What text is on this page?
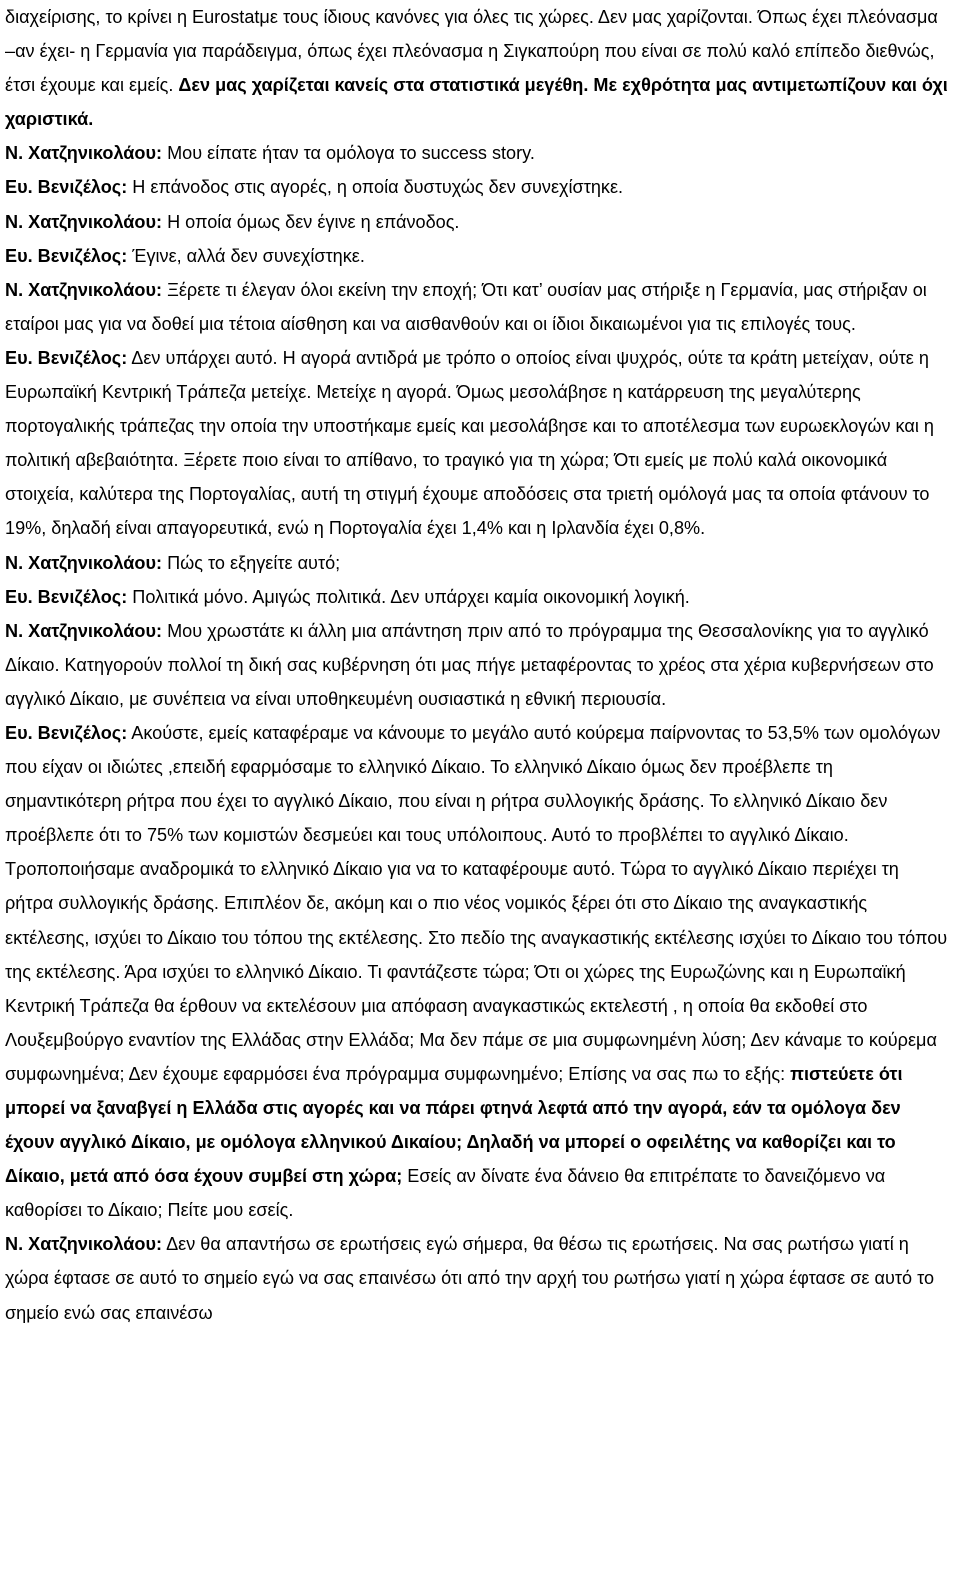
διαχείρισης, το κρίνει η Eurostatμε τους ίδιους κανόνες για όλες τις χώρες. Δεν μας χαρίζονται. Όπως έχει πλεόνασμα –αν έχει- η Γερμανία για παράδειγμα, όπως έχει πλεόνασμα η Σιγκαπούρη που είναι σε πολύ καλό επίπεδο διεθνώς, έτσι έχουμε και εμείς. Δεν μας χαρίζεται κανείς στα στατιστικά μεγέθη. Με εχθρότητα μας αντιμετωπίζουν και όχι χαριστικά.

Ν. Χατζηνικολάου: Μου είπατε ήταν τα ομόλογα το success story.

Ευ. Βενιζέλος: Η επάνοδος στις αγορές, η οποία δυστυχώς δεν συνεχίστηκε.

Ν. Χατζηνικολάου: Η οποία όμως δεν έγινε η επάνοδος.

Ευ. Βενιζέλος: Έγινε, αλλά δεν συνεχίστηκε.

Ν. Χατζηνικολάου: Ξέρετε τι έλεγαν όλοι εκείνη την εποχή; Ότι κατ’ ουσίαν μας στήριξε η Γερμανία, μας στήριξαν οι εταίροι μας για να δοθεί μια τέτοια αίσθηση και να αισθανθούν και οι ίδιοι δικαιωμένοι για τις επιλογές τους.

Ευ. Βενιζέλος: Δεν υπάρχει αυτό. Η αγορά αντιδρά με τρόπο ο οποίος είναι ψυχρός, ούτε τα κράτη μετείχαν, ούτε η Ευρωπαϊκή Κεντρική Τράπεζα μετείχε. Μετείχε η αγορά. Όμως μεσολάβησε η κατάρρευση της μεγαλύτερης πορτογαλικής τράπεζας την οποία την υποστήκαμε εμείς και μεσολάβησε και το αποτέλεσμα των ευρωεκλογών και η πολιτική αβεβαιότητα. Ξέρετε ποιο είναι το απίθανο, το τραγικό για τη χώρα; Ότι εμείς με πολύ καλά οικονομικά στοιχεία, καλύτερα της Πορτογαλίας, αυτή τη στιγμή έχουμε αποδόσεις στα τριετή ομόλογά μας τα οποία φτάνουν το 19%, δηλαδή είναι απαγορευτικά, ενώ η Πορτογαλία έχει 1,4% και η Ιρλανδία έχει 0,8%.

Ν. Χατζηνικολάου: Πώς το εξηγείτε αυτό;

Ευ. Βενιζέλος: Πολιτικά μόνο. Αμιγώς πολιτικά. Δεν υπάρχει καμία οικονομική λογική.

Ν. Χατζηνικολάου: Μου χρωστάτε κι άλλη μια απάντηση πριν από το πρόγραμμα της Θεσσαλονίκης για το αγγλικό Δίκαιο. Κατηγορούν πολλοί τη δική σας κυβέρνηση ότι μας πήγε μεταφέροντας το χρέος στα χέρια κυβερνήσεων στο αγγλικό Δίκαιο, με συνέπεια να είναι υποθηκευμένη ουσιαστικά η εθνική περιουσία.

Ευ. Βενιζέλος: Ακούστε, εμείς καταφέραμε να κάνουμε το μεγάλο αυτό κούρεμα παίρνοντας το 53,5% των ομολόγων που είχαν οι ιδιώτες ,επειδή εφαρμόσαμε το ελληνικό Δίκαιο. Το ελληνικό Δίκαιο όμως δεν προέβλεπε τη σημαντικότερη ρήτρα που έχει το αγγλικό Δίκαιο, που είναι η ρήτρα συλλογικής δράσης. Το ελληνικό Δίκαιο δεν προέβλεπε ότι το 75% των κομιστών δεσμεύει και τους υπόλοιπους. Αυτό το προβλέπει το αγγλικό Δίκαιο. Τροποποιήσαμε αναδρομικά το ελληνικό Δίκαιο για να το καταφέρουμε αυτό. Τώρα το αγγλικό Δίκαιο περιέχει τη ρήτρα συλλογικής δράσης. Επιπλέον δε, ακόμη και ο πιο νέος νομικός ξέρει ότι στο Δίκαιο της αναγκαστικής εκτέλεσης, ισχύει το Δίκαιο του τόπου της εκτέλεσης. Στο πεδίο της αναγκαστικής εκτέλεσης ισχύει το Δίκαιο του τόπου της εκτέλεσης. Άρα ισχύει το ελληνικό Δίκαιο. Τι φαντάζεστε τώρα; Ότι οι χώρες της Ευρωζώνης και η Ευρωπαϊκή Κεντρική Τράπεζα θα έρθουν να εκτελέσουν μια απόφαση αναγκαστικώς εκτελεστή , η οποία θα εκδοθεί στο Λουξεμβούργο εναντίον της Ελλάδας στην Ελλάδα; Μα δεν πάμε σε μια συμφωνημένη λύση; Δεν κάναμε το κούρεμα συμφωνημένα; Δεν έχουμε εφαρμόσει ένα πρόγραμμα συμφωνημένο; Επίσης να σας πω το εξής: πιστεύετε ότι μπορεί να ξαναβγεί η Ελλάδα στις αγορές και να πάρει φτηνά λεφτά από την αγορά, εάν τα ομόλογα δεν έχουν αγγλικό Δίκαιο, με ομόλογα ελληνικού Δικαίου; Δηλαδή να μπορεί ο οφειλέτης να καθορίζει και το Δίκαιο, μετά από όσα έχουν συμβεί στη χώρα; Εσείς αν δίνατε ένα δάνειο θα επιτρέπατε το δανειζόμενο να καθορίσει το Δίκαιο; Πείτε μου εσείς.

Ν. Χατζηνικολάου: Δεν θα απαντήσω σε ερωτήσεις εγώ σήμερα, θα θέσω τις ερωτήσεις. Να σας ρωτήσω γιατί η χώρα έφτασε σε αυτό το σημείο εγώ να σας επαινέσω ότι από την αρχή του ρωτήσω γιατί η χώρα έφτασε σε αυτό το σημείο ενώ σας επαινέσω
